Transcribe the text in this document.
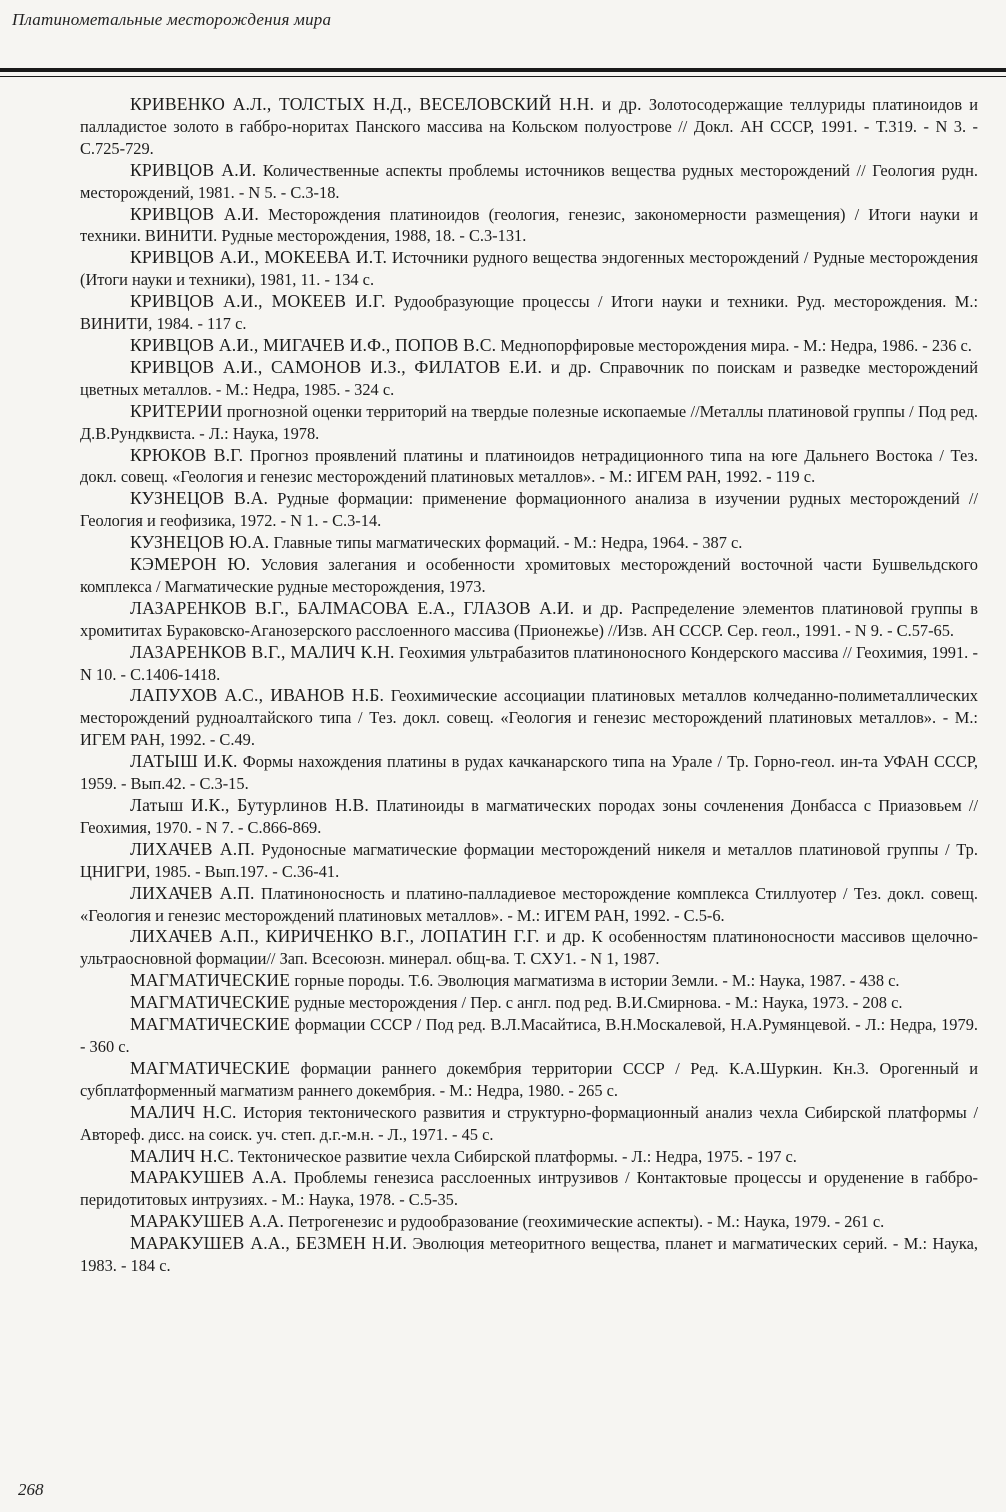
Платинометальные месторождения мира

КРИВЕНКО А.Л., ТОЛСТЫХ Н.Д., ВЕСЕЛОВСКИЙ Н.Н. и др. Золотосодержащие теллуриды платиноидов и палладистое золото в габбро-норитах Панского массива на Кольском полуострове // Докл. АН СССР, 1991. - Т.319. - N 3. - С.725-729.

КРИВЦОВ А.И. Количественные аспекты проблемы источников вещества рудных месторождений // Геология рудн. месторождений, 1981. - N 5. - С.3-18.

КРИВЦОВ А.И. Месторождения платиноидов (геология, генезис, закономерности размещения) / Итоги науки и техники. ВИНИТИ. Рудные месторождения, 1988, 18. - С.3-131.

КРИВЦОВ А.И., МОКЕЕВА И.Т. Источники рудного вещества эндогенных месторождений / Рудные месторождения (Итоги науки и техники), 1981, 11. - 134 с.

КРИВЦОВ А.И., МОКЕЕВ И.Г. Рудообразующие процессы / Итоги науки и техники. Руд. месторождения. М.: ВИНИТИ, 1984. - 117 с.

КРИВЦОВ А.И., МИГАЧЕВ И.Ф., ПОПОВ В.С. Меднопорфировые месторождения мира. - М.: Недра, 1986. - 236 с.

КРИВЦОВ А.И., САМОНОВ И.З., ФИЛАТОВ Е.И. и др. Справочник по поискам и разведке месторождений цветных металлов. - М.: Недра, 1985. - 324 с.

КРИТЕРИИ прогнозной оценки территорий на твердые полезные ископаемые //Металлы платиновой группы / Под ред. Д.В.Рундквиста. - Л.: Наука, 1978.

КРЮКОВ В.Г. Прогноз проявлений платины и платиноидов нетрадиционного типа на юге Дальнего Востока / Тез. докл. совещ. «Геология и генезис месторождений платиновых металлов». - М.: ИГЕМ РАН, 1992. - 119 с.

КУЗНЕЦОВ В.А. Рудные формации: применение формационного анализа в изучении рудных месторождений // Геология и геофизика, 1972. - N 1. - С.3-14.

КУЗНЕЦОВ Ю.А. Главные типы магматических формаций. - М.: Недра, 1964. - 387 с.

КЭМЕРОН Ю. Условия залегания и особенности хромитовых месторождений восточной части Бушвельдского комплекса / Магматические рудные месторождения, 1973.

ЛАЗАРЕНКОВ В.Г., БАЛМАСОВА Е.А., ГЛАЗОВ А.И. и др. Распределение элементов платиновой группы в хромититах Бураковско-Аганозерского расслоенного массива (Прионежье) //Изв. АН СССР. Сер. геол., 1991. - N 9. - С.57-65.

ЛАЗАРЕНКОВ В.Г., МАЛИЧ К.Н. Геохимия ультрабазитов платиноносного Кондерского массива // Геохимия, 1991. - N 10. - С.1406-1418.

ЛАПУХОВ А.С., ИВАНОВ Н.Б. Геохимические ассоциации платиновых металлов колчеданно-полиметаллических месторождений рудноалтайского типа / Тез. докл. совещ. «Геология и генезис месторождений платиновых металлов». - М.: ИГЕМ РАН, 1992. - С.49.

ЛАТЫШ И.К. Формы нахождения платины в рудах качканарского типа на Урале / Тр. Горно-геол. ин-та УФАН СССР, 1959. - Вып.42. - С.3-15.

Латыш И.К., Бутурлинов Н.В. Платиноиды в магматических породах зоны сочленения Донбасса с Приазовьем // Геохимия, 1970. - N 7. - С.866-869.

ЛИХАЧЕВ А.П. Рудоносные магматические формации месторождений никеля и металлов платиновой группы / Тр. ЦНИГРИ, 1985. - Вып.197. - С.36-41.

ЛИХАЧЕВ А.П. Платиноносность и платино-палладиевое месторождение комплекса Стиллуотер / Тез. докл. совещ. «Геология и генезис месторождений платиновых металлов». - М.: ИГЕМ РАН, 1992. - С.5-6.

ЛИХАЧЕВ А.П., КИРИЧЕНКО В.Г., ЛОПАТИН Г.Г. и др. К особенностям платиноносности массивов щелочно-ультраосновной формации// Зап. Всесоюзн. минерал. общ-ва. Т. СХУ1. - N 1, 1987.

МАГМАТИЧЕСКИЕ горные породы. Т.6. Эволюция магматизма в истории Земли. - М.: Наука, 1987. - 438 с.

МАГМАТИЧЕСКИЕ рудные месторождения / Пер. с англ. под ред. В.И.Смирнова. - М.: Наука, 1973. - 208 с.

МАГМАТИЧЕСКИЕ формации СССР / Под ред. В.Л.Масайтиса, В.Н.Москалевой, Н.А.Румянцевой. - Л.: Недра, 1979. - 360 с.

МАГМАТИЧЕСКИЕ формации раннего докембрия территории СССР / Ред. К.А.Шуркин. Кн.3. Орогенный и субплатформенный магматизм раннего докембрия. - М.: Недра, 1980. - 265 с.

МАЛИЧ Н.С. История тектонического развития и структурно-формационный анализ чехла Сибирской платформы / Автореф. дисс. на соиск. уч. степ. д.г.-м.н. - Л., 1971. - 45 с.

МАЛИЧ Н.С. Тектоническое развитие чехла Сибирской платформы. - Л.: Недра, 1975. - 197 с.

МАРАКУШЕВ А.А. Проблемы генезиса расслоенных интрузивов / Контактовые процессы и оруденение в габбро-перидотитовых интрузиях. - М.: Наука, 1978. - С.5-35.

МАРАКУШЕВ А.А. Петрогенезис и рудообразование (геохимические аспекты). - М.: Наука, 1979. - 261 с.

МАРАКУШЕВ А.А., БЕЗМЕН Н.И. Эволюция метеоритного вещества, планет и магматических серий. - М.: Наука, 1983. - 184 с.

268
